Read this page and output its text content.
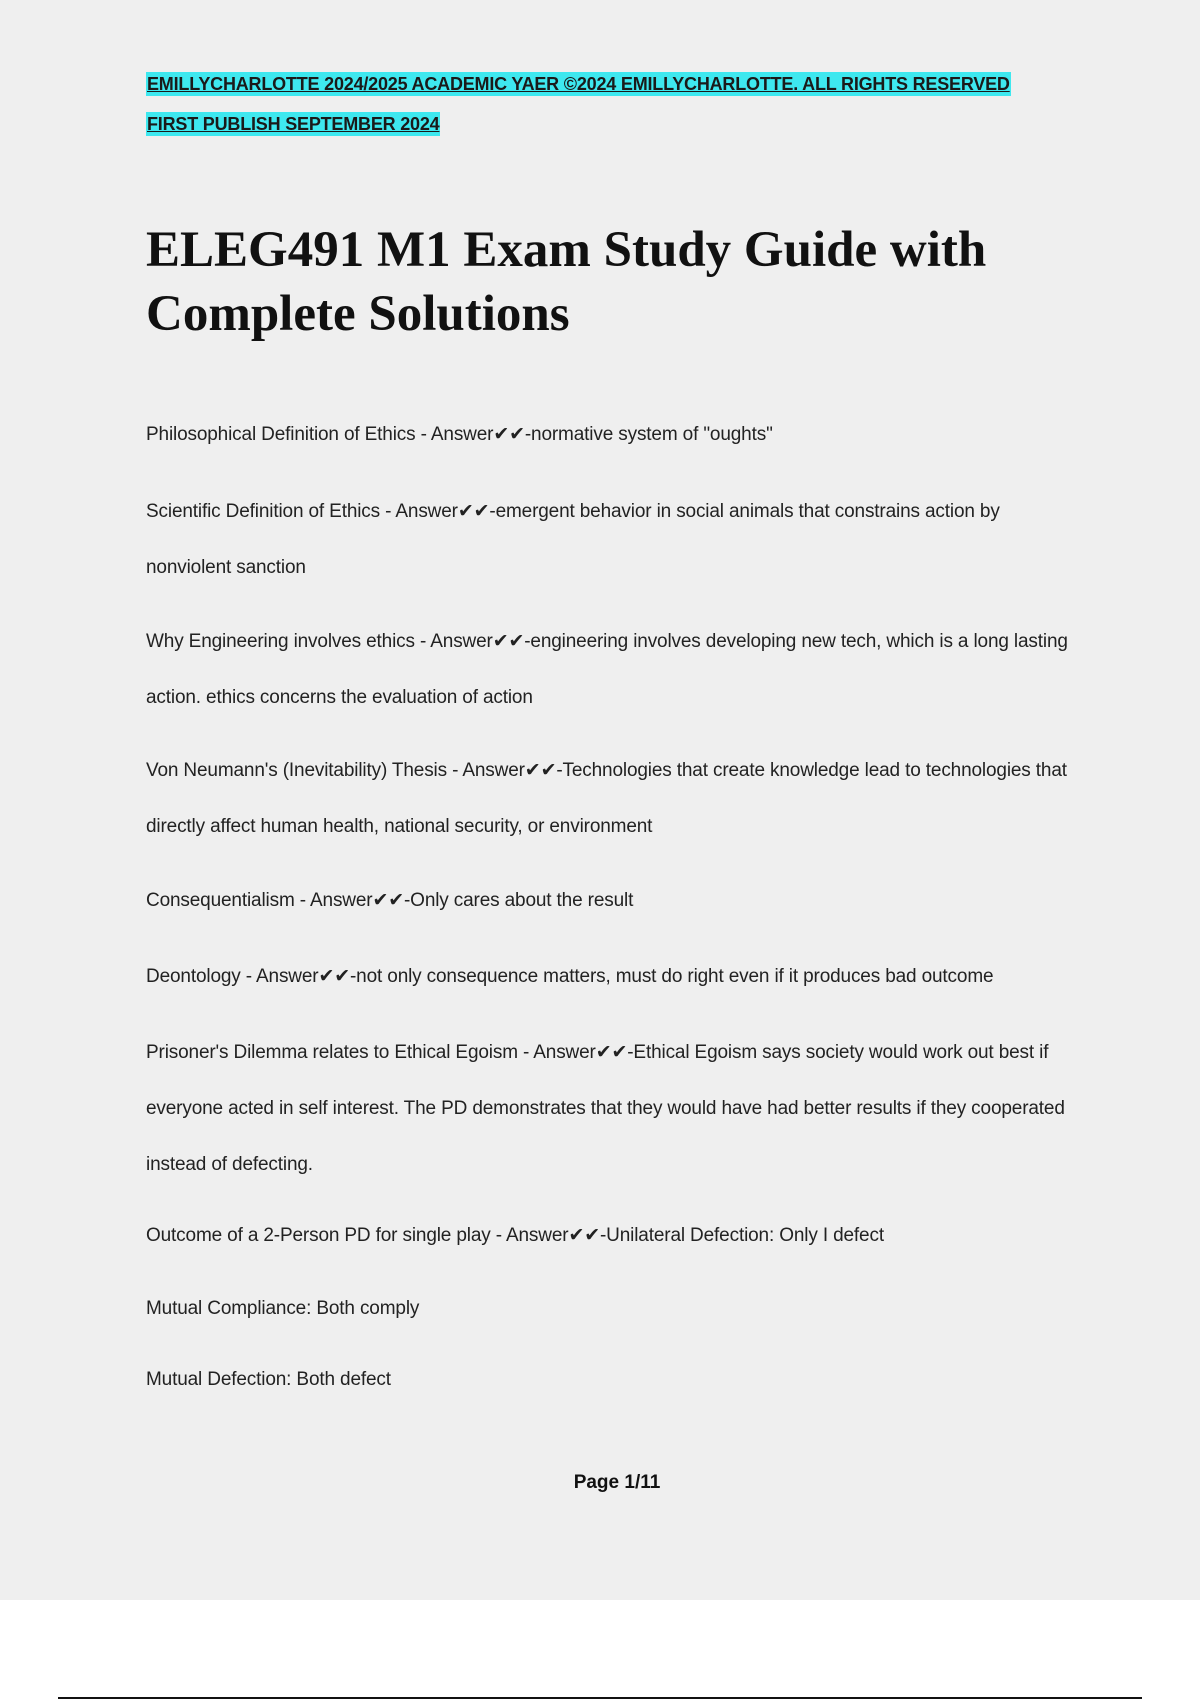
EMILLYCHARLOTTE 2024/2025 ACADEMIC YAER ©2024 EMILLYCHARLOTTE. ALL RIGHTS RESERVED
FIRST PUBLISH SEPTEMBER 2024
ELEG491 M1 Exam Study Guide with Complete Solutions
Philosophical Definition of Ethics - Answer✔✔-normative system of "oughts"
Scientific Definition of Ethics - Answer✔✔-emergent behavior in social animals that constrains action by nonviolent sanction
Why Engineering involves ethics - Answer✔✔-engineering involves developing new tech, which is a long lasting action. ethics concerns the evaluation of action
Von Neumann's (Inevitability) Thesis - Answer✔✔-Technologies that create knowledge lead to technologies that directly affect human health, national security, or environment
Consequentialism - Answer✔✔-Only cares about the result
Deontology - Answer✔✔-not only consequence matters, must do right even if it produces bad outcome
Prisoner's Dilemma relates to Ethical Egoism - Answer✔✔-Ethical Egoism says society would work out best if everyone acted in self interest. The PD demonstrates that they would have had better results if they cooperated instead of defecting.
Outcome of a 2-Person PD for single play - Answer✔✔-Unilateral Defection: Only I defect
Mutual Compliance: Both comply
Mutual Defection: Both defect
Page 1/11
